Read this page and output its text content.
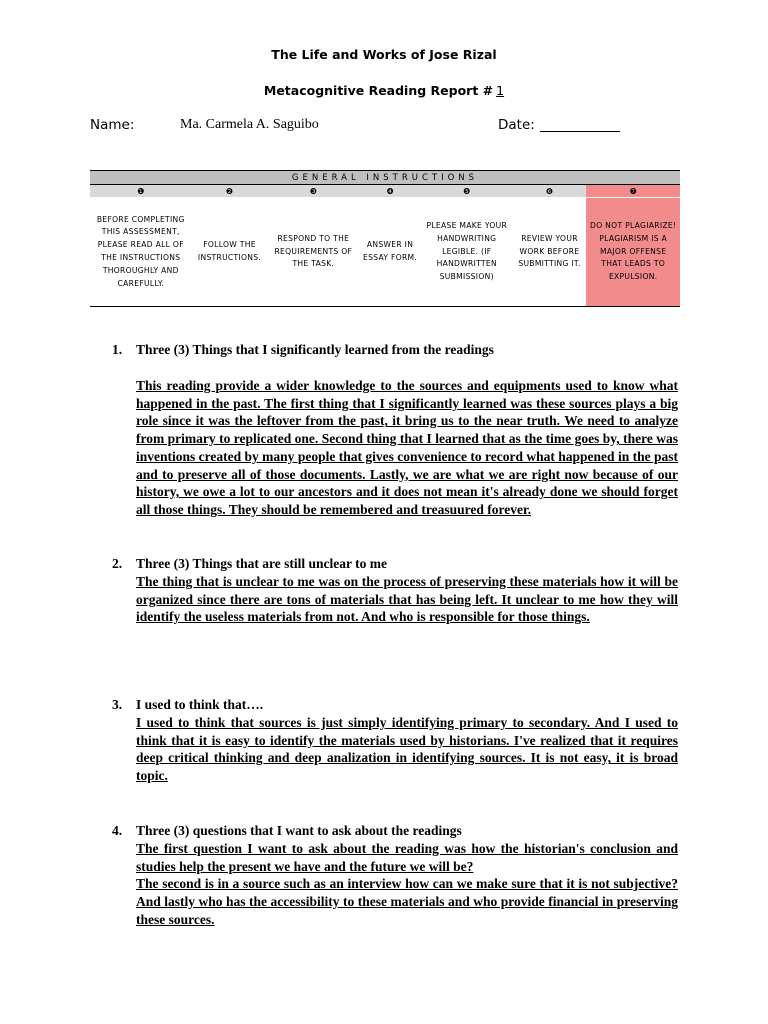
The Life and Works of Jose Rizal
Metacognitive Reading Report # 1
Name:	Ma. Carmela A. Saguibo	Date:
GENERAL INSTRUCTIONS						
❶	❷	❸	❹	❺	❻	❼
BEFORE COMPLETING THIS ASSESSMENT, PLEASE READ ALL OF THE INSTRUCTIONS THOROUGHLY AND CAREFULLY.	FOLLOW THE INSTRUCTIONS.	RESPOND TO THE REQUIREMENTS OF THE TASK.	ANSWER IN ESSAY FORM.	PLEASE MAKE YOUR HANDWRITING LEGIBLE. (IF HANDWRITTEN SUBMISSION)	REVIEW YOUR WORK BEFORE SUBMITTING IT.	DO NOT PLAGIARIZE! PLAGIARISM IS A MAJOR OFFENSE THAT LEADS TO EXPULSION.
1. Three (3) Things that I significantly learned from the readings
This reading provide a wider knowledge to the sources and equipments used to know what happened in the past. The first thing that I significantly learned was these sources plays a big role since it was the leftover from the past, it bring us to the near truth. We need to analyze from primary to replicated one. Second thing that I learned that as the time goes by, there was inventions created by many people that gives convenience to record what happened in the past and to preserve all of those documents. Lastly, we are what we are right now because of our history, we owe a lot to our ancestors and it does not mean it's already done we should forget all those things. They should be remembered and treasuured forever.
2. Three (3) Things that are still unclear to me
The thing that is unclear to me was on the process of preserving these materials how it will be organized since there are tons of materials that has being left. It unclear to me how they will identify the useless materials from not. And who is responsible for those things.
3. I used to think that….
I used to think that sources is just simply identifying primary to secondary. And I used to think that it is easy to identify the materials used by historians. I've realized that it requires deep critical thinking and deep analization in identifying sources. It is not easy, it is broad topic.
4. Three (3) questions that I want to ask about the readings

The first question I want to ask about the reading was how the historian's conclusion and studies help the present we have and the future we will be?

The second is in a source such as an interview how can we make sure that it is not subjective? And lastly who has the accessibility to these materials and who provide financial in preserving these sources.
